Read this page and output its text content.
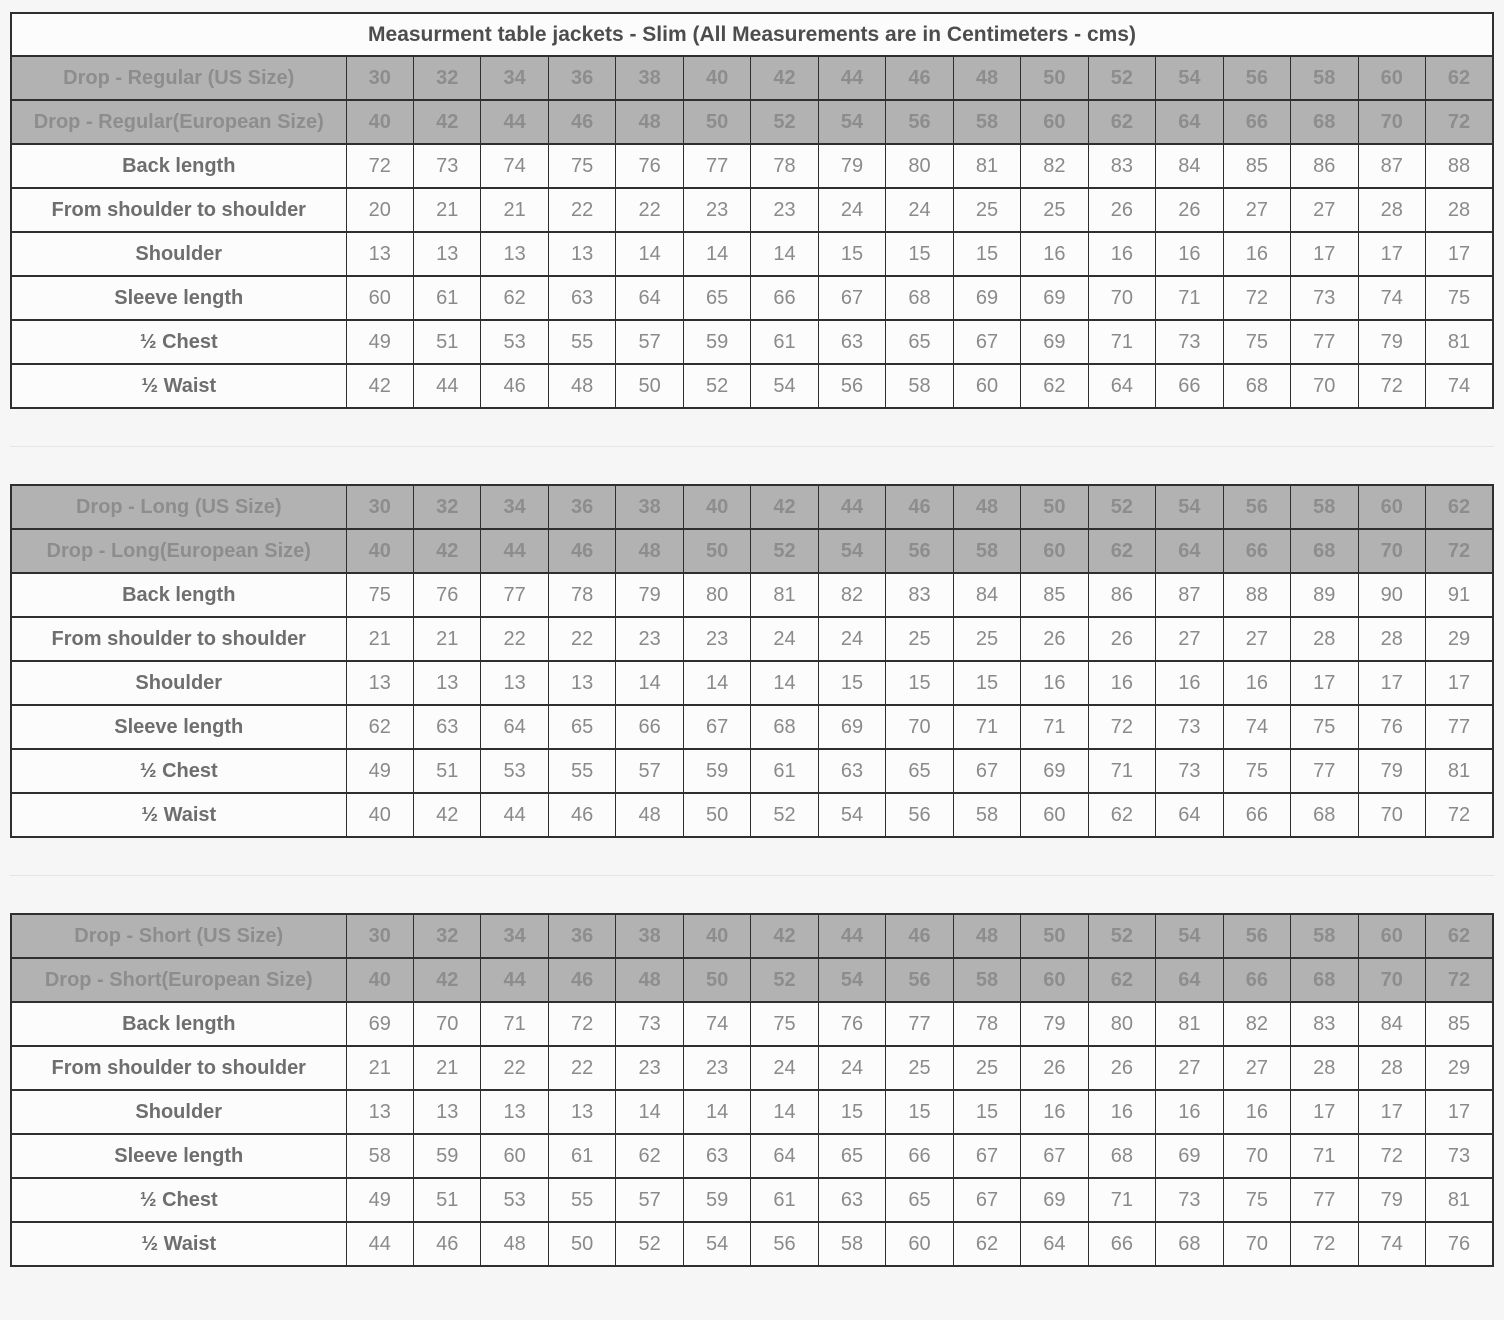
Measurment table jackets - Slim (All Measurements are in Centimeters - cms)																	
Drop - Regular (US Size)	30	32	34	36	38	40	42	44	46	48	50	52	54	56	58	60	62
Drop - Regular(European Size)	40	42	44	46	48	50	52	54	56	58	60	62	64	66	68	70	72
Back length	72	73	74	75	76	77	78	79	80	81	82	83	84	85	86	87	88
From shoulder to shoulder	20	21	21	22	22	23	23	24	24	25	25	26	26	27	27	28	28
Shoulder	13	13	13	13	14	14	14	15	15	15	16	16	16	16	17	17	17
Sleeve length	60	61	62	63	64	65	66	67	68	69	69	70	71	72	73	74	75
½ Chest	49	51	53	55	57	59	61	63	65	67	69	71	73	75	77	79	81
½ Waist	42	44	46	48	50	52	54	56	58	60	62	64	66	68	70	72	74
Drop - Long (US Size)	30	32	34	36	38	40	42	44	46	48	50	52	54	56	58	60	62
Drop - Long(European Size)	40	42	44	46	48	50	52	54	56	58	60	62	64	66	68	70	72
Back length	75	76	77	78	79	80	81	82	83	84	85	86	87	88	89	90	91
From shoulder to shoulder	21	21	22	22	23	23	24	24	25	25	26	26	27	27	28	28	29
Shoulder	13	13	13	13	14	14	14	15	15	15	16	16	16	16	17	17	17
Sleeve length	62	63	64	65	66	67	68	69	70	71	71	72	73	74	75	76	77
½ Chest	49	51	53	55	57	59	61	63	65	67	69	71	73	75	77	79	81
½ Waist	40	42	44	46	48	50	52	54	56	58	60	62	64	66	68	70	72
Drop - Short (US Size)	30	32	34	36	38	40	42	44	46	48	50	52	54	56	58	60	62
Drop - Short(European Size)	40	42	44	46	48	50	52	54	56	58	60	62	64	66	68	70	72
Back length	69	70	71	72	73	74	75	76	77	78	79	80	81	82	83	84	85
From shoulder to shoulder	21	21	22	22	23	23	24	24	25	25	26	26	27	27	28	28	29
Shoulder	13	13	13	13	14	14	14	15	15	15	16	16	16	16	17	17	17
Sleeve length	58	59	60	61	62	63	64	65	66	67	67	68	69	70	71	72	73
½ Chest	49	51	53	55	57	59	61	63	65	67	69	71	73	75	77	79	81
½ Waist	44	46	48	50	52	54	56	58	60	62	64	66	68	70	72	74	76
